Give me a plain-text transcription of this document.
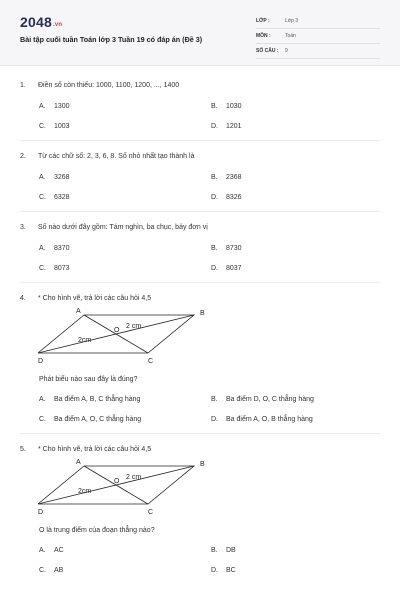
2048.vn
Bài tập cuối tuần Toán lớp 3 Tuần 19 có đáp án (Đề 3)
LỚP :	Lớp 3
MÔN :	Toán
SỐ CÂU :	9
1.	Điền số còn thiếu: 1000, 1100, 1200, ..., 1400
A.	1300	B.	1030
C.	1003	D.	1201
2.	Từ các chữ số: 2, 3, 6, 8. Số nhỏ nhất tạo thành là
A.	3268	B.	2368
C.	6328	D.	8326
3.	Số nào dưới đây gồm: Tám nghìn, ba chục, bảy đơn vị
A.	8370	B.	8730
C.	8073	D.	8037
4.	* Cho hình vẽ, trả lời các câu hỏi 4,5
A	B
C
D
O
2 cm
2cm
Phát biểu nào sau đây là đúng?
A.	Ba điểm A, B, C thẳng hàng	B.	Ba điểm D, O, C thẳng hàng
C.	Ba điểm A, O, C thẳng hàng	D.	Ba điểm A, O, B thẳng hàng
5.	* Cho hình vẽ, trả lời các câu hỏi 4,5
A	B
C
D
O
2 cm
2cm
O là trung điểm của đoạn thẳng nào?
A.	AC	B.	DB
C.	AB	D.	BC
